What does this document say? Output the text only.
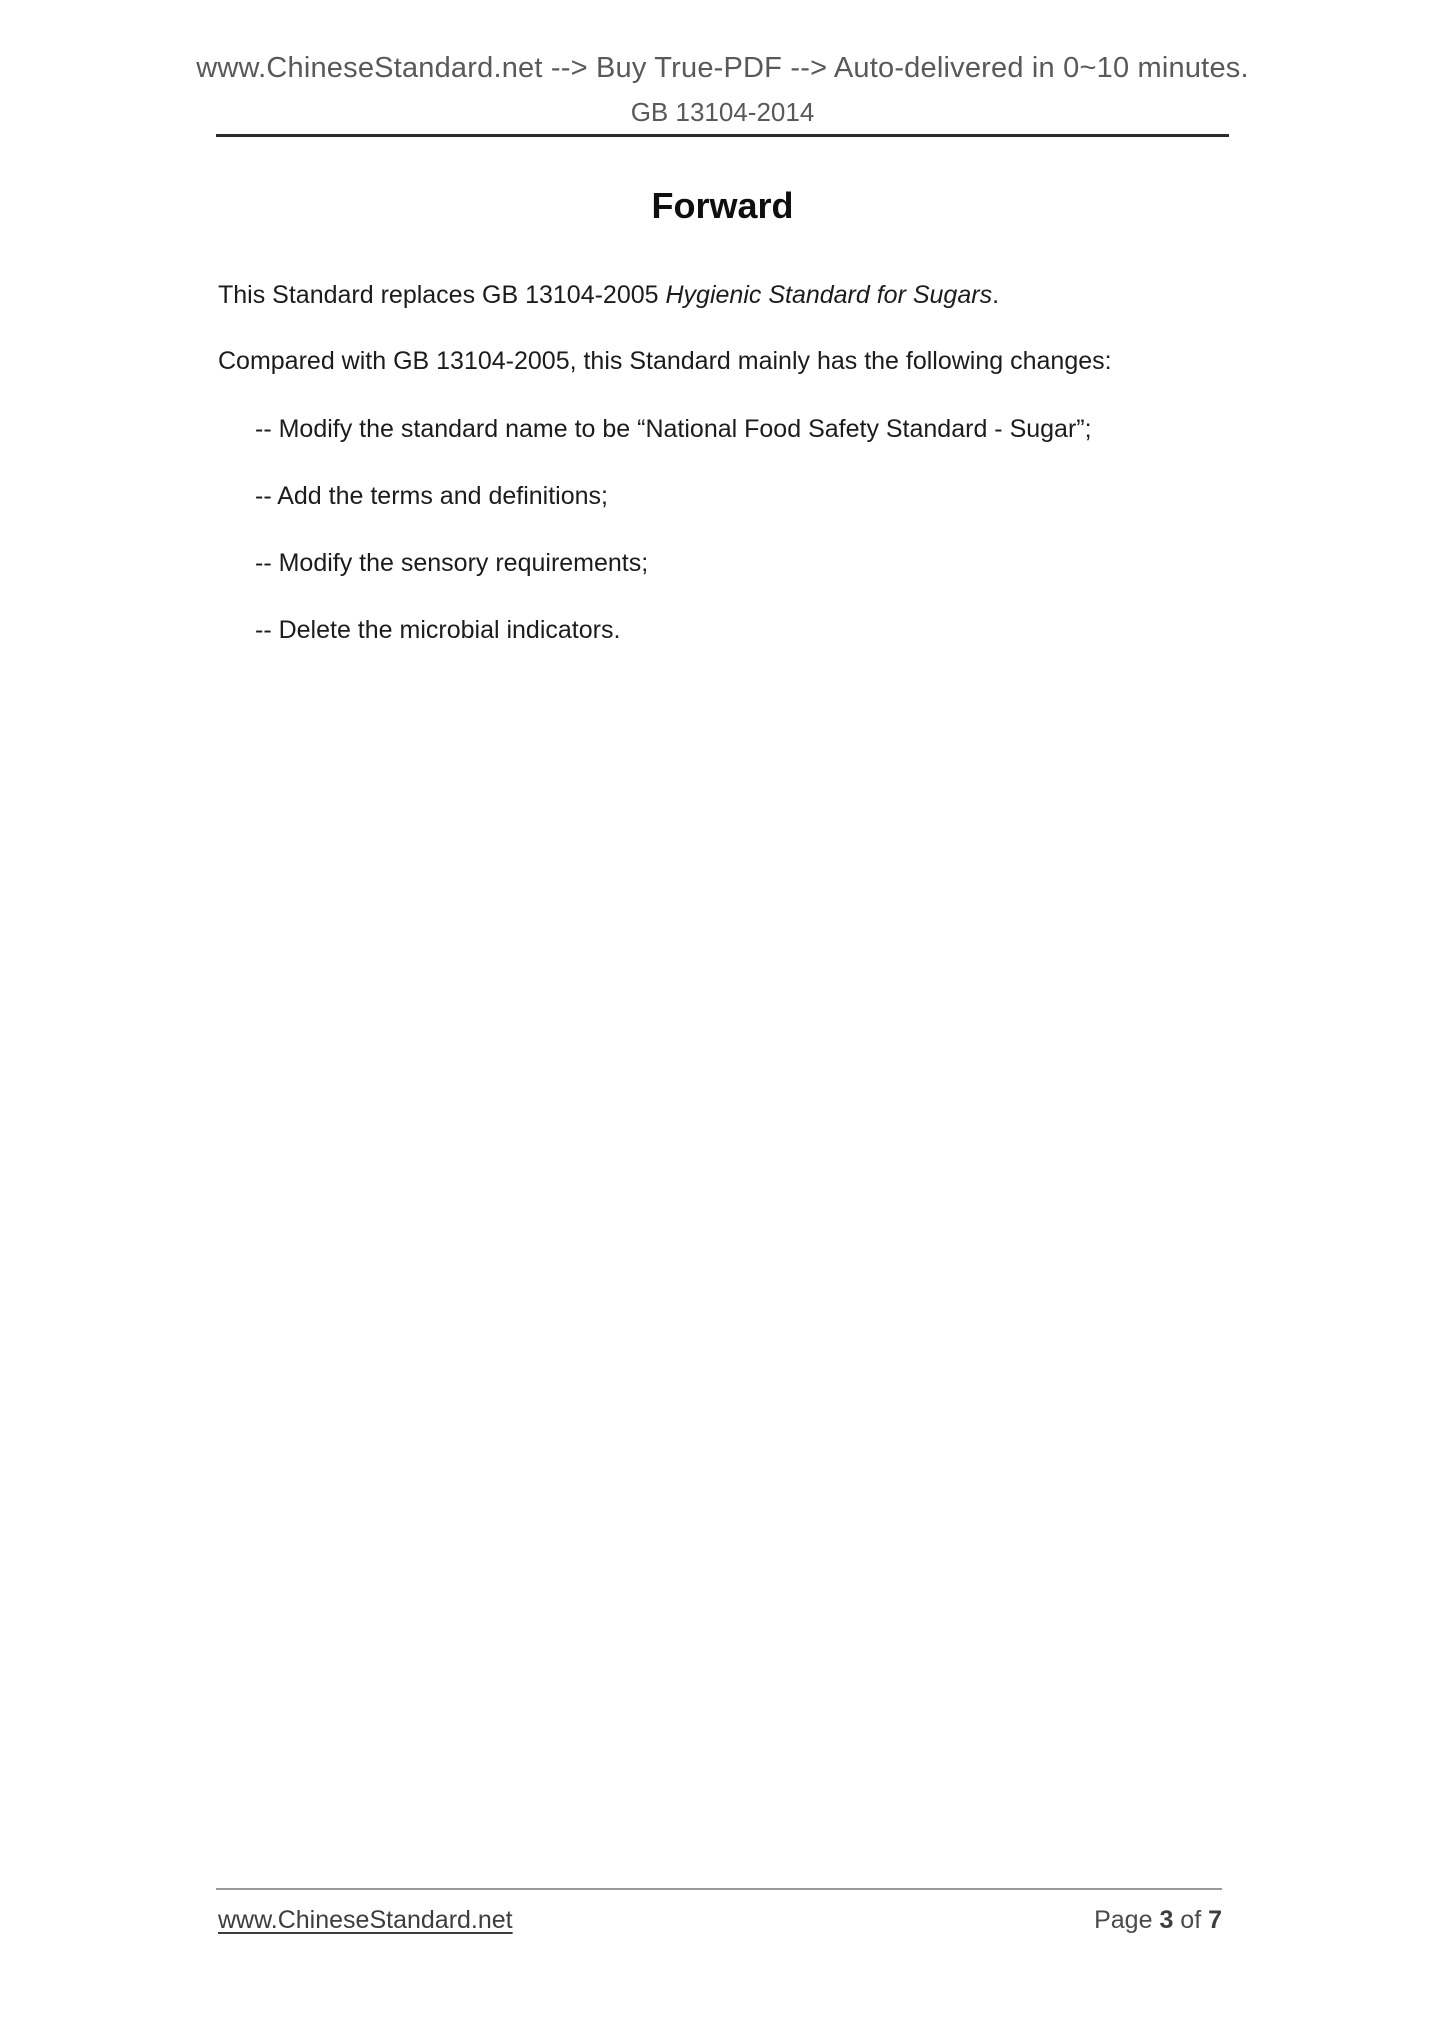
www.ChineseStandard.net --> Buy True-PDF --> Auto-delivered in 0~10 minutes.
GB 13104-2014
Forward

This Standard replaces GB 13104-2005 Hygienic Standard for Sugars.

Compared with GB 13104-2005, this Standard mainly has the following changes:

-- Modify the standard name to be “National Food Safety Standard - Sugar”;

-- Add the terms and definitions;

-- Modify the sensory requirements;

-- Delete the microbial indicators.

www.ChineseStandard.net	Page 3 of 7
